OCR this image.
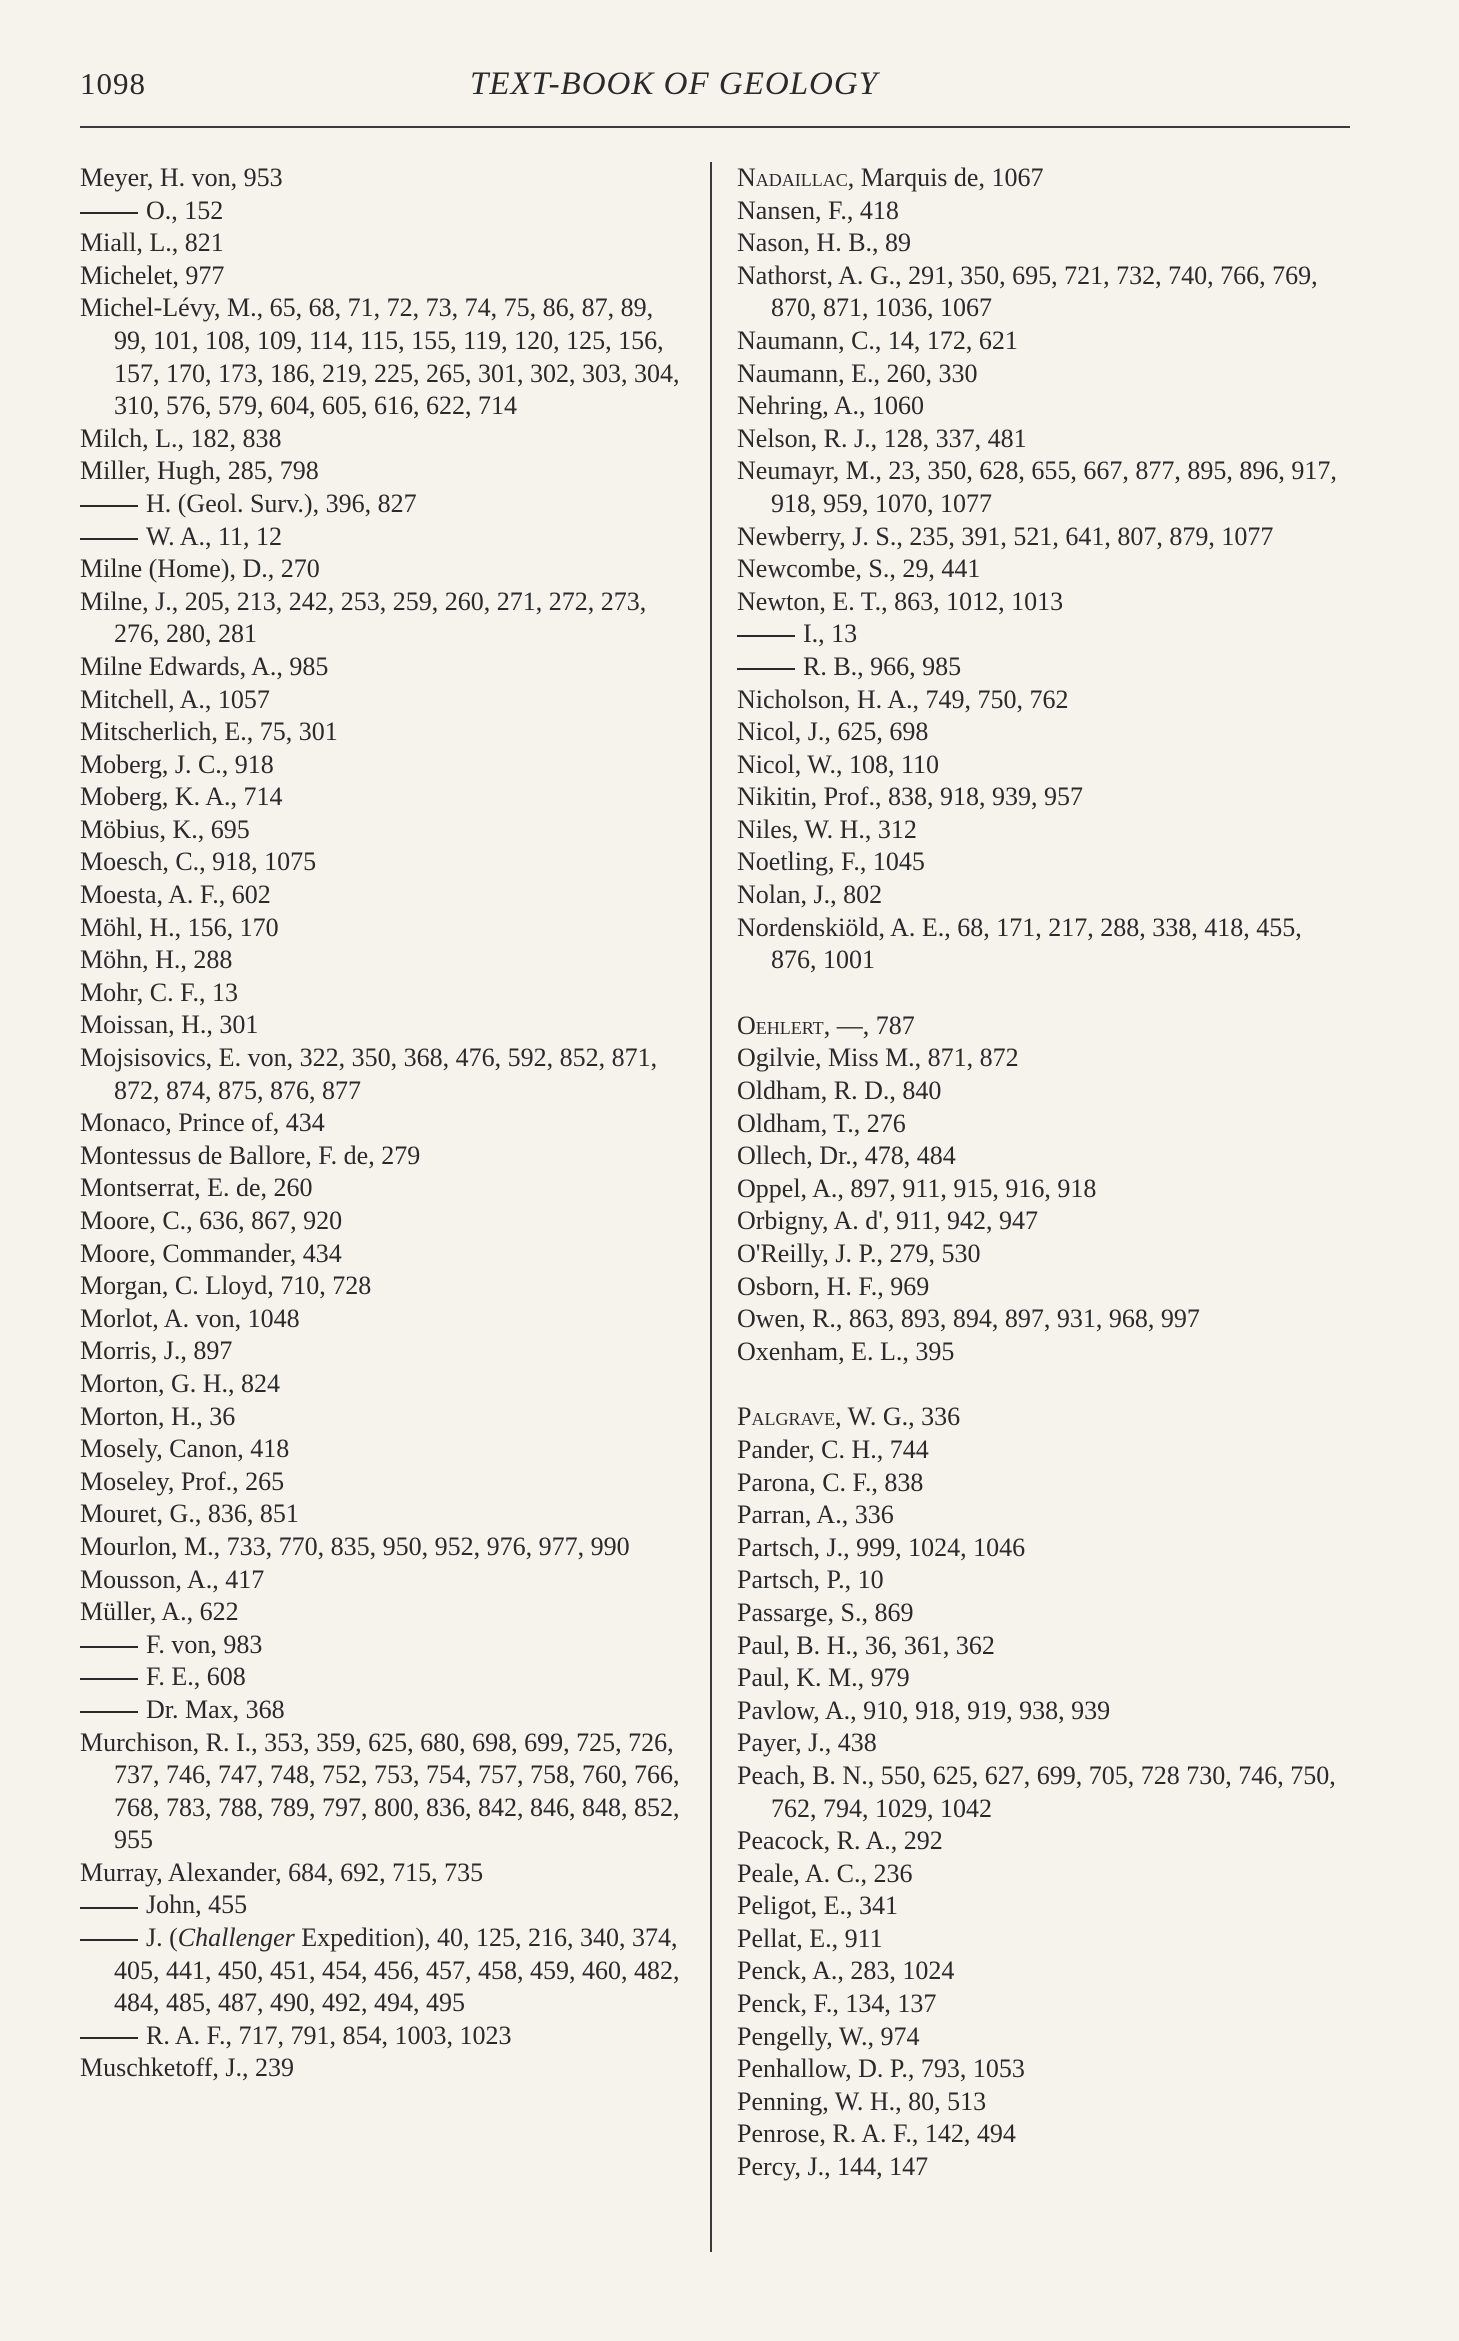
1098	TEXT-BOOK OF GEOLOGY
Meyer, H. von, 953
O., 152
Miall, L., 821
Michelet, 977
Michel-Lévy, M., 65, 68, 71, 72, 73, 74, 75, 86, 87, 89, 99, 101, 108, 109, 114, 115, 155, 119, 120, 125, 156, 157, 170, 173, 186, 219, 225, 265, 301, 302, 303, 304, 310, 576, 579, 604, 605, 616, 622, 714
Milch, L., 182, 838
Miller, Hugh, 285, 798
H. (Geol. Surv.), 396, 827
W. A., 11, 12
Milne (Home), D., 270
Milne, J., 205, 213, 242, 253, 259, 260, 271, 272, 273, 276, 280, 281
Milne Edwards, A., 985
Mitchell, A., 1057
Mitscherlich, E., 75, 301
Moberg, J. C., 918
Moberg, K. A., 714
Möbius, K., 695
Moesch, C., 918, 1075
Moesta, A. F., 602
Möhl, H., 156, 170
Möhn, H., 288
Mohr, C. F., 13
Moissan, H., 301
Mojsisovics, E. von, 322, 350, 368, 476, 592, 852, 871, 872, 874, 875, 876, 877
Monaco, Prince of, 434
Montessus de Ballore, F. de, 279
Montserrat, E. de, 260
Moore, C., 636, 867, 920
Moore, Commander, 434
Morgan, C. Lloyd, 710, 728
Morlot, A. von, 1048
Morris, J., 897
Morton, G. H., 824
Morton, H., 36
Mosely, Canon, 418
Moseley, Prof., 265
Mouret, G., 836, 851
Mourlon, M., 733, 770, 835, 950, 952, 976, 977, 990
Mousson, A., 417
Müller, A., 622
F. von, 983
F. E., 608
Dr. Max, 368
Murchison, R. I., 353, 359, 625, 680, 698, 699, 725, 726, 737, 746, 747, 748, 752, 753, 754, 757, 758, 760, 766, 768, 783, 788, 789, 797, 800, 836, 842, 846, 848, 852, 955
Murray, Alexander, 684, 692, 715, 735
John, 455
J. (Challenger Expedition), 40, 125, 216, 340, 374, 405, 441, 450, 451, 454, 456, 457, 458, 459, 460, 482, 484, 485, 487, 490, 492, 494, 495
R. A. F., 717, 791, 854, 1003, 1023
Muschketoff, J., 239
Nadaillac, Marquis de, 1067
Nansen, F., 418
Nason, H. B., 89
Nathorst, A. G., 291, 350, 695, 721, 732, 740, 766, 769, 870, 871, 1036, 1067
Naumann, C., 14, 172, 621
Naumann, E., 260, 330
Nehring, A., 1060
Nelson, R. J., 128, 337, 481
Neumayr, M., 23, 350, 628, 655, 667, 877, 895, 896, 917, 918, 959, 1070, 1077
Newberry, J. S., 235, 391, 521, 641, 807, 879, 1077
Newcombe, S., 29, 441
Newton, E. T., 863, 1012, 1013
I., 13
R. B., 966, 985
Nicholson, H. A., 749, 750, 762
Nicol, J., 625, 698
Nicol, W., 108, 110
Nikitin, Prof., 838, 918, 939, 957
Niles, W. H., 312
Noetling, F., 1045
Nolan, J., 802
Nordenskiöld, A. E., 68, 171, 217, 288, 338, 418, 455, 876, 1001
Oehlert, —, 787
Ogilvie, Miss M., 871, 872
Oldham, R. D., 840
Oldham, T., 276
Ollech, Dr., 478, 484
Oppel, A., 897, 911, 915, 916, 918
Orbigny, A. d', 911, 942, 947
O'Reilly, J. P., 279, 530
Osborn, H. F., 969
Owen, R., 863, 893, 894, 897, 931, 968, 997
Oxenham, E. L., 395
Palgrave, W. G., 336
Pander, C. H., 744
Parona, C. F., 838
Parran, A., 336
Partsch, J., 999, 1024, 1046
Partsch, P., 10
Passarge, S., 869
Paul, B. H., 36, 361, 362
Paul, K. M., 979
Pavlow, A., 910, 918, 919, 938, 939
Payer, J., 438
Peach, B. N., 550, 625, 627, 699, 705, 728 730, 746, 750, 762, 794, 1029, 1042
Peacock, R. A., 292
Peale, A. C., 236
Peligot, E., 341
Pellat, E., 911
Penck, A., 283, 1024
Penck, F., 134, 137
Pengelly, W., 974
Penhallow, D. P., 793, 1053
Penning, W. H., 80, 513
Penrose, R. A. F., 142, 494
Percy, J., 144, 147
